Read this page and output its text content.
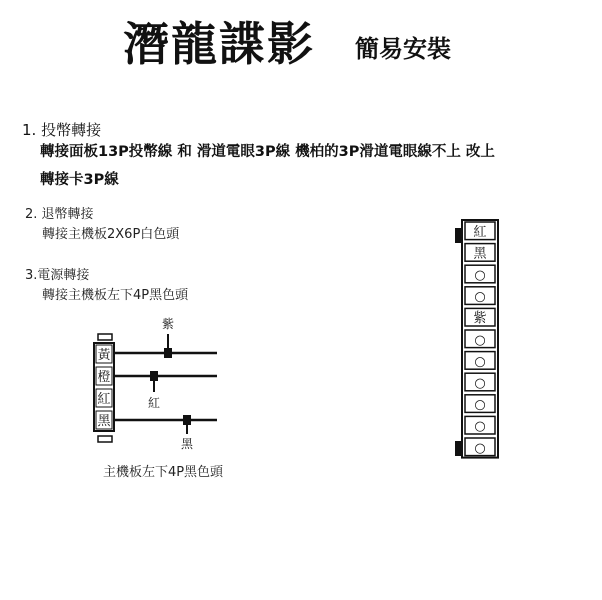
潛龍諜影 簡易安裝
1. 投幣轉接
轉接面板13P投幣線 和 滑道電眼3P線 機柏的3P滑道電眼線不上 改上
轉接卡3P線
2. 退幣轉接
轉接主機板2X6P白色頭
3.電源轉接
轉接主機板左下4P黑色頭
紫
紅
黑
黃
橙
紅
黑
主機板左下4P黑色頭
紅
黑
○
○
紫
○
○
○
○
○
○
